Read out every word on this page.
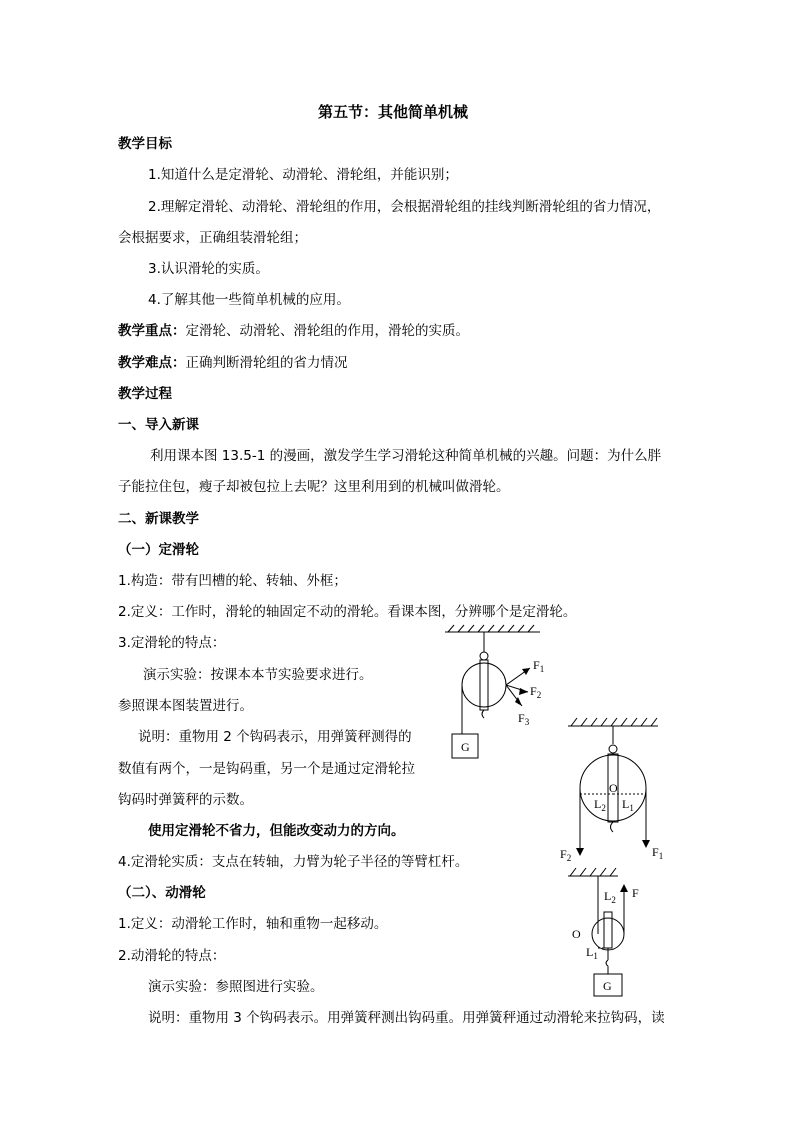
第五节：其他简单机械
教学目标
1.知道什么是定滑轮、动滑轮、滑轮组，并能识别；
2.理解定滑轮、动滑轮、滑轮组的作用，会根据滑轮组的挂线判断滑轮组的省力情况，
会根据要求，正确组装滑轮组；
3.认识滑轮的实质。
4.了解其他一些简单机械的应用。
教学重点：定滑轮、动滑轮、滑轮组的作用，滑轮的实质。
教学难点：正确判断滑轮组的省力情况
教学过程
一、导入新课
利用课本图 13.5-1 的漫画，激发学生学习滑轮这种简单机械的兴趣。问题：为什么胖
子能拉住包，瘦子却被包拉上去呢？这里利用到的机械叫做滑轮。
二、新课教学
（一）定滑轮
1.构造：带有凹槽的轮、转轴、外框；
2.定义：工作时，滑轮的轴固定不动的滑轮。看课本图，分辨哪个是定滑轮。
3.定滑轮的特点：
演示实验：按课本本节实验要求进行。
参照课本图装置进行。
说明：重物用 2 个钩码表示，用弹簧秤测得的
数值有两个，一是钩码重，另一个是通过定滑轮拉
钩码时弹簧秤的示数。
使用定滑轮不省力，但能改变动力的方向。
4.定滑轮实质：支点在转轴，力臂为轮子半径的等臂杠杆。
（二）、动滑轮
1.定义：动滑轮工作时，轴和重物一起移动。
2.动滑轮的特点：
演示实验：参照图进行实验。
说明：重物用 3 个钩码表示。用弹簧秤测出钩码重。用弹簧秤通过动滑轮来拉钩码，读
G
$F_1$
$F_2$
$F_3$
O
$L_2$ $L_1$
$F_2$	$F_1$
F
O
$L_2$
$L_1$
G
